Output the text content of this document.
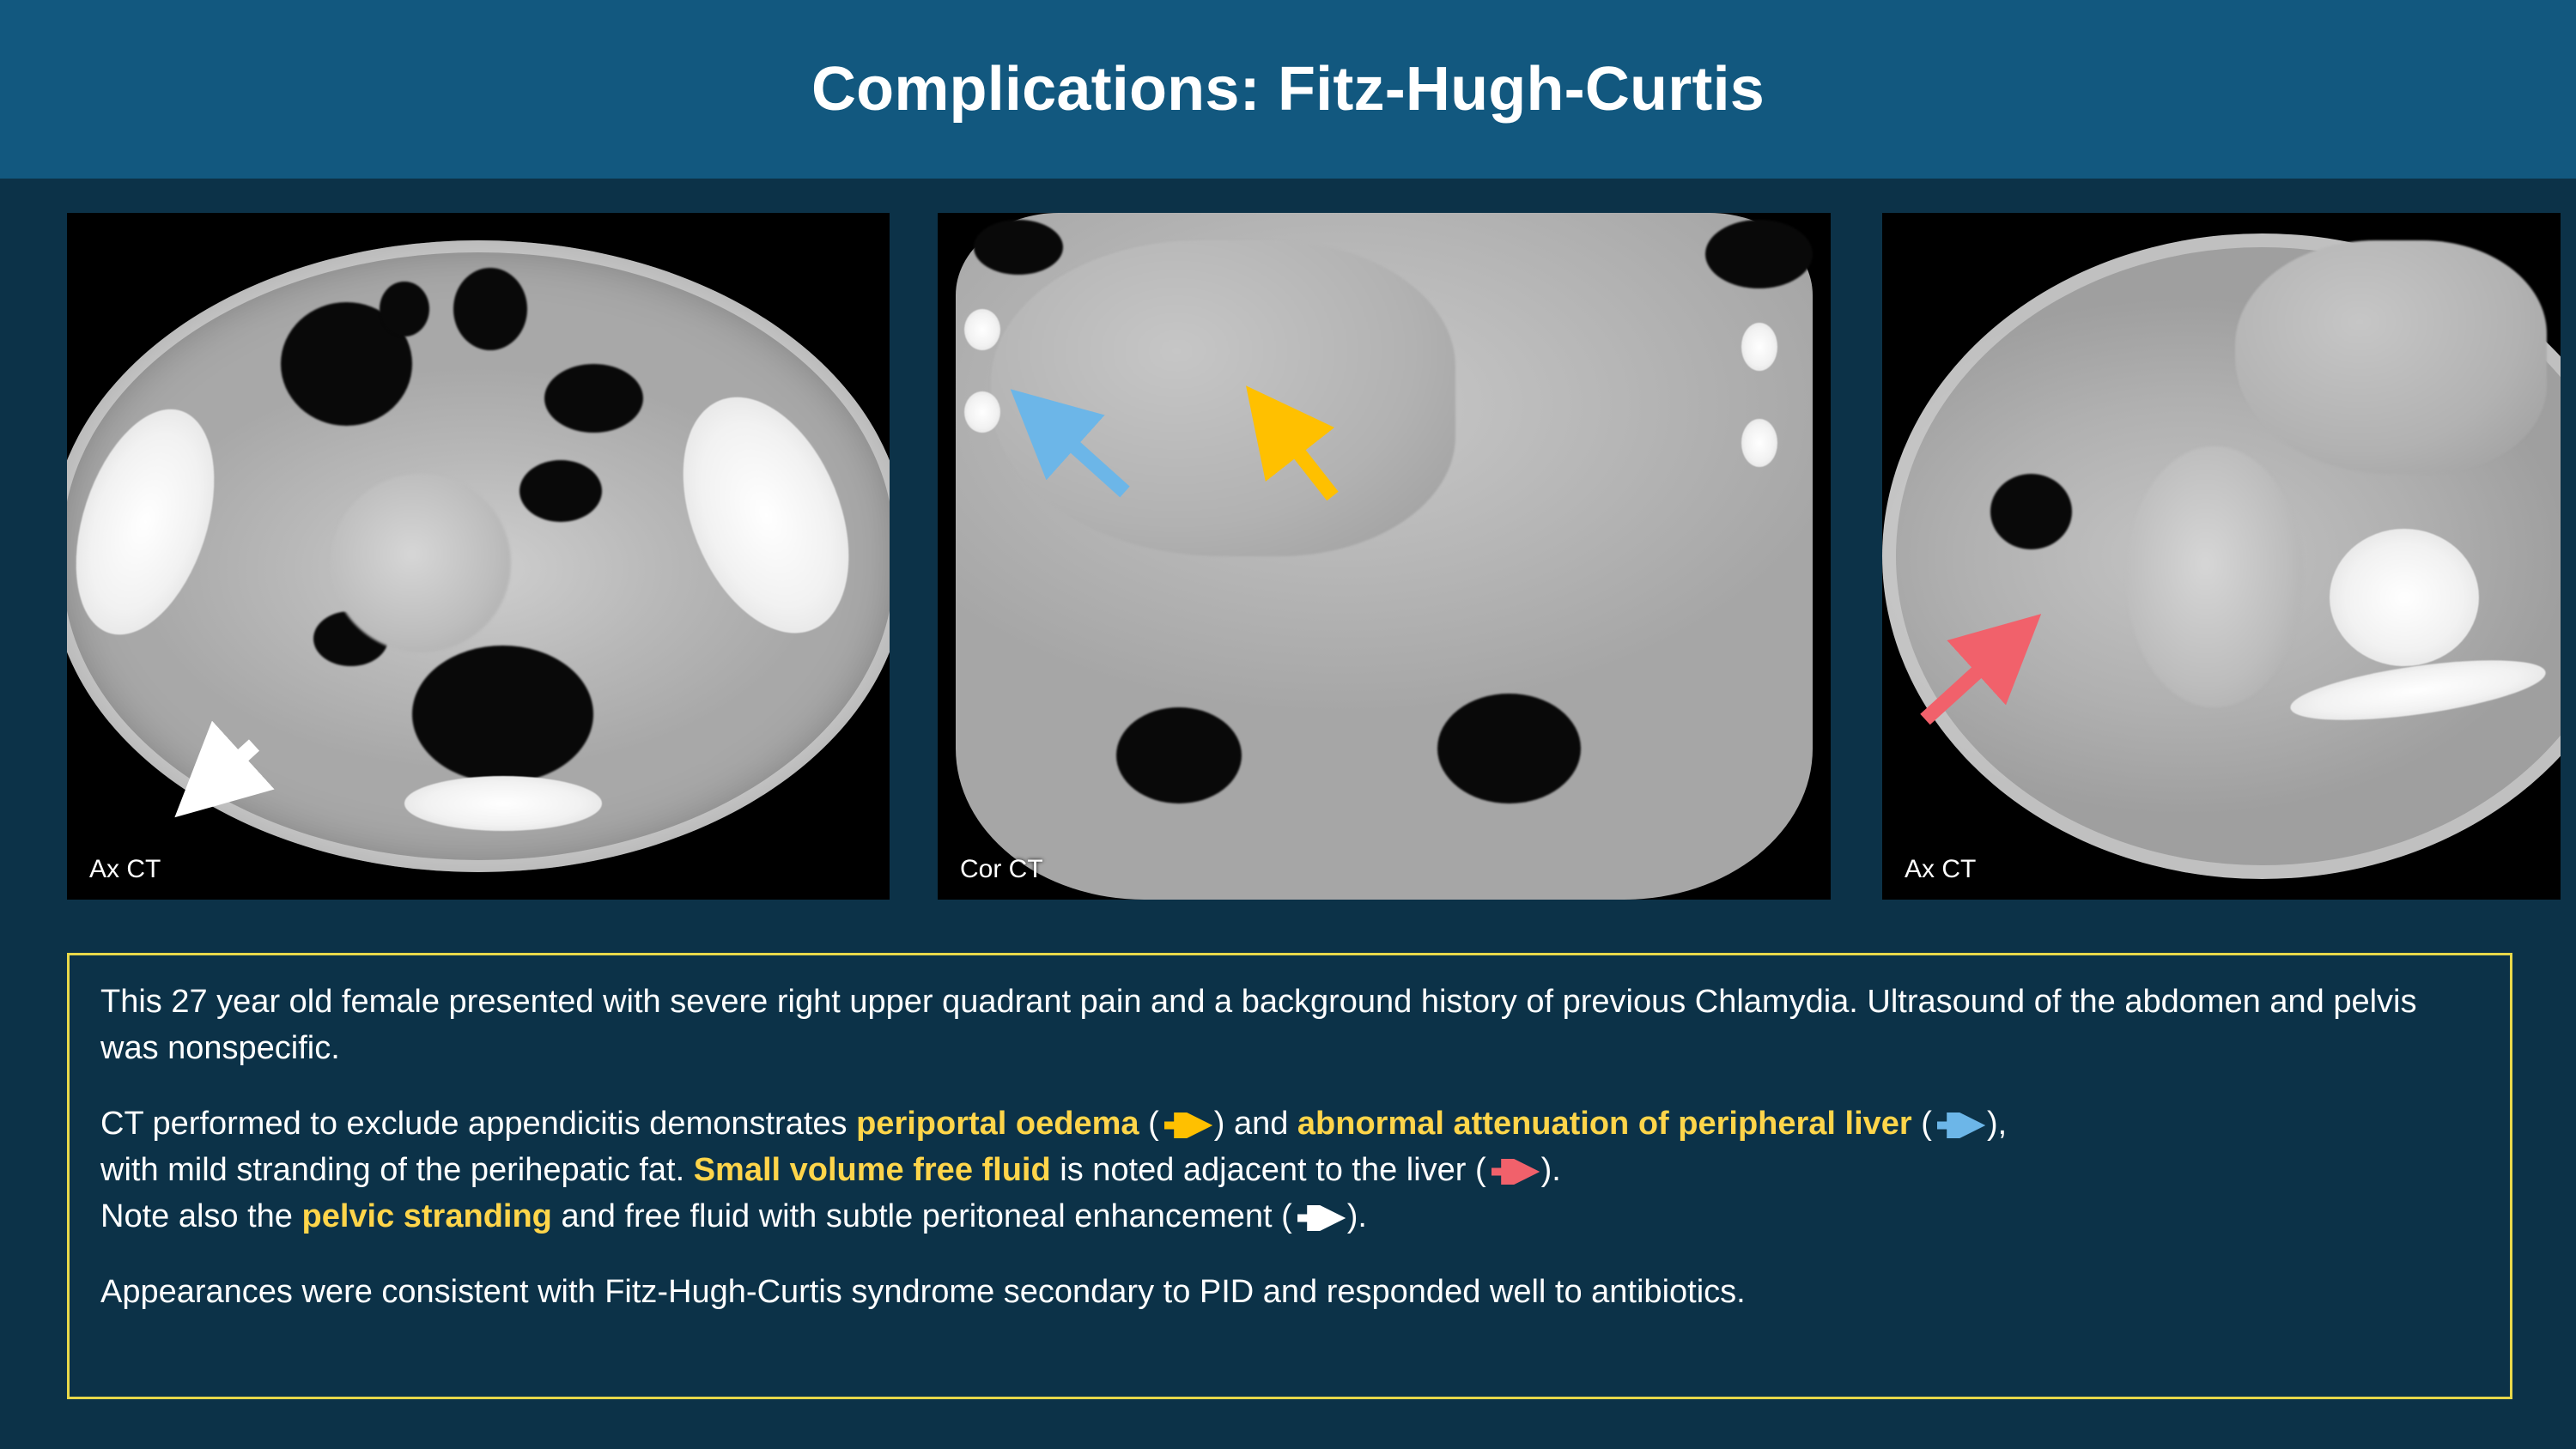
Complications: Fitz-Hugh-Curtis
Ax CT	Cor CT	Ax CT

This 27 year old female presented with severe right upper quadrant pain and a background history of previous Chlamydia. Ultrasound of the abdomen and pelvis was nonspecific.

CT performed to exclude appendicitis demonstrates periportal oedema ( ) and abnormal attenuation of peripheral liver ( ),

with mild stranding of the perihepatic fat. Small volume free fluid is noted adjacent to the liver ( ).

Note also the pelvic stranding and free fluid with subtle peritoneal enhancement ( ).

Appearances were consistent with Fitz-Hugh-Curtis syndrome secondary to PID and responded well to antibiotics.
